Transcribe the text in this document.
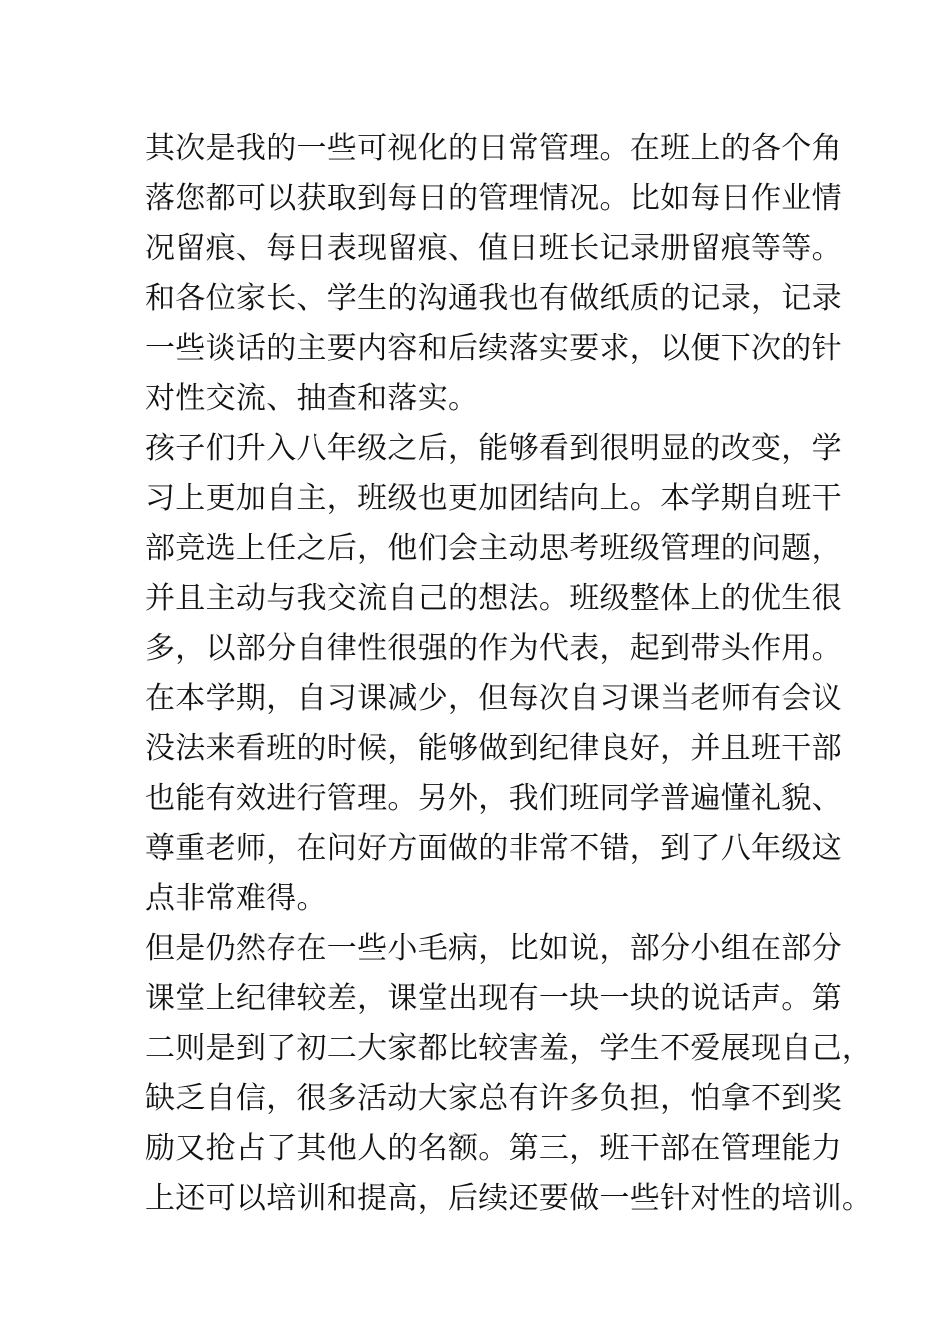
其次是我的一些可视化的日常管理。在班上的各个角
落您都可以获取到每日的管理情况。比如每日作业情
况留痕、每日表现留痕、值日班长记录册留痕等等。
和各位家长、学生的沟通我也有做纸质的记录，记录
一些谈话的主要内容和后续落实要求，以便下次的针
对性交流、抽查和落实。
孩子们升入八年级之后，能够看到很明显的改变，学
习上更加自主，班级也更加团结向上。本学期自班干
部竞选上任之后，他们会主动思考班级管理的问题，
并且主动与我交流自己的想法。班级整体上的优生很
多，以部分自律性很强的作为代表，起到带头作用。
在本学期，自习课减少，但每次自习课当老师有会议
没法来看班的时候，能够做到纪律良好，并且班干部
也能有效进行管理。另外，我们班同学普遍懂礼貌、
尊重老师，在问好方面做的非常不错，到了八年级这
点非常难得。
但是仍然存在一些小毛病，比如说，部分小组在部分
课堂上纪律较差，课堂出现有一块一块的说话声。第
二则是到了初二大家都比较害羞，学生不爱展现自己，
缺乏自信，很多活动大家总有许多负担，怕拿不到奖
励又抢占了其他人的名额。第三，班干部在管理能力
上还可以培训和提高，后续还要做一些针对性的培训。
